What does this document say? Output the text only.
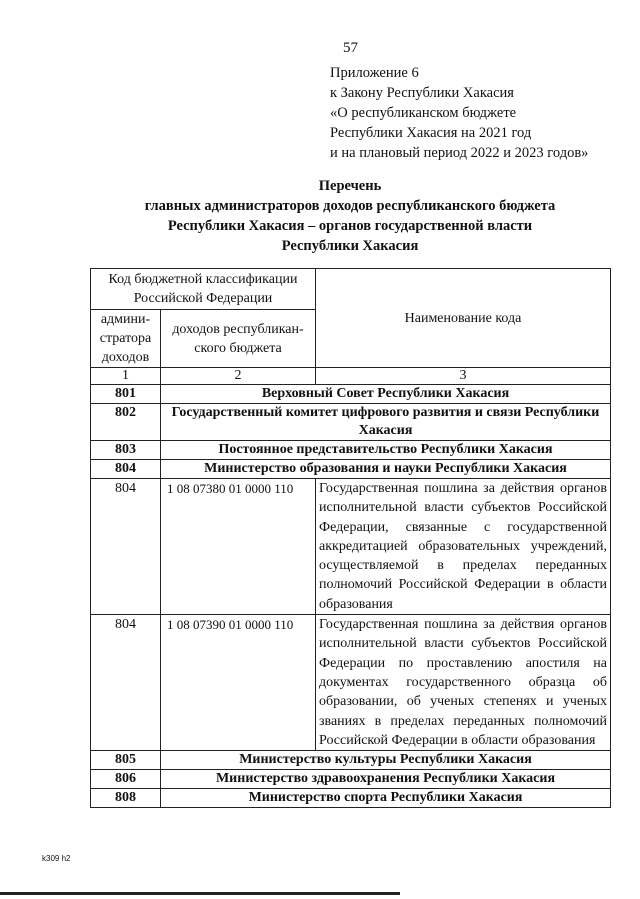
57
Приложение 6
к Закону Республики Хакасия
«О республиканском бюджете
Республики Хакасия на 2021 год
и на плановый период 2022 и 2023 годов»
Перечень
главных администраторов доходов республиканского бюджета
Республики Хакасия – органов государственной власти
Республики Хакасия
Код бюджетной классификации Российской Федерации		Наименование кода
админи-стратора доходов	доходов республикан-ского бюджета	
1	2	3
801	Верховный Совет Республики Хакасия	
802	Государственный комитет цифрового развития и связи Республики Хакасия	
803	Постоянное представительство Республики Хакасия	
804	Министерство образования и науки Республики Хакасия	
804	1 08 07380 01 0000 110	Государственная пошлина за действия органов исполнительной власти субъектов Российской Федерации, связанные с государственной аккредитацией образовательных учреждений, осуществляемой в пределах переданных полномочий Российской Федерации в области образования
804	1 08 07390 01 0000 110	Государственная пошлина за действия органов исполнительной власти субъектов Российской Федерации по проставлению апостиля на документах государственного образца об образовании, об ученых степенях и ученых званиях в пределах переданных полномочий Российской Федерации в области образования
805	Министерство культуры Республики Хакасия	
806	Министерство здравоохранения Республики Хакасия	
808	Министерство спорта Республики Хакасия	
k309 h2
